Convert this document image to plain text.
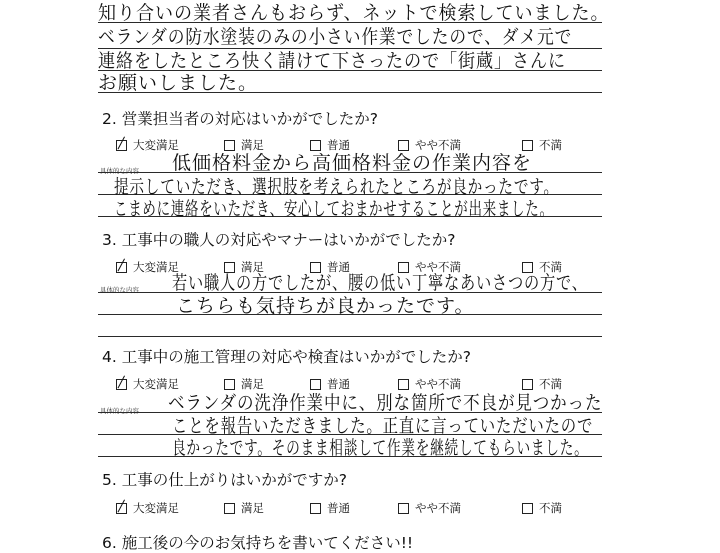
知り合いの業者さんもおらず、ネットで検索していました。
ベランダの防水塗装のみの小さい作業でしたので、ダメ元で
連絡をしたところ快く請けて下さったので「街蔵」さんに
お願いしました。
2. 営業担当者の対応はいかがでしたか?
大変満足	満足	普通	やや不満	不満
具体的な内容 低価格料金から高価格料金の作業内容を
提示していただき、選択肢を考えられたところが良かったです。
こまめに連絡をいただき、安心しておまかせすることが出来ました。
3. 工事中の職人の対応やマナーはいかがでしたか?
大変満足	満足	普通	やや不満	不満
具体的な内容 若い職人の方でしたが、腰の低い丁寧なあいさつの方で、
こちらも気持ちが良かったです。
4. 工事中の施工管理の対応や検査はいかがでしたか?
大変満足	満足	普通	やや不満	不満
具体的な内容 ベランダの洗浄作業中に、別な箇所で不良が見つかった
ことを報告いただきました。正直に言っていただいたので
良かったです。そのまま相談して作業を継続してもらいました。
5. 工事の仕上がりはいかがですか?
大変満足	満足	普通	やや不満	不満
6. 施工後の今のお気持ちを書いてください!!
